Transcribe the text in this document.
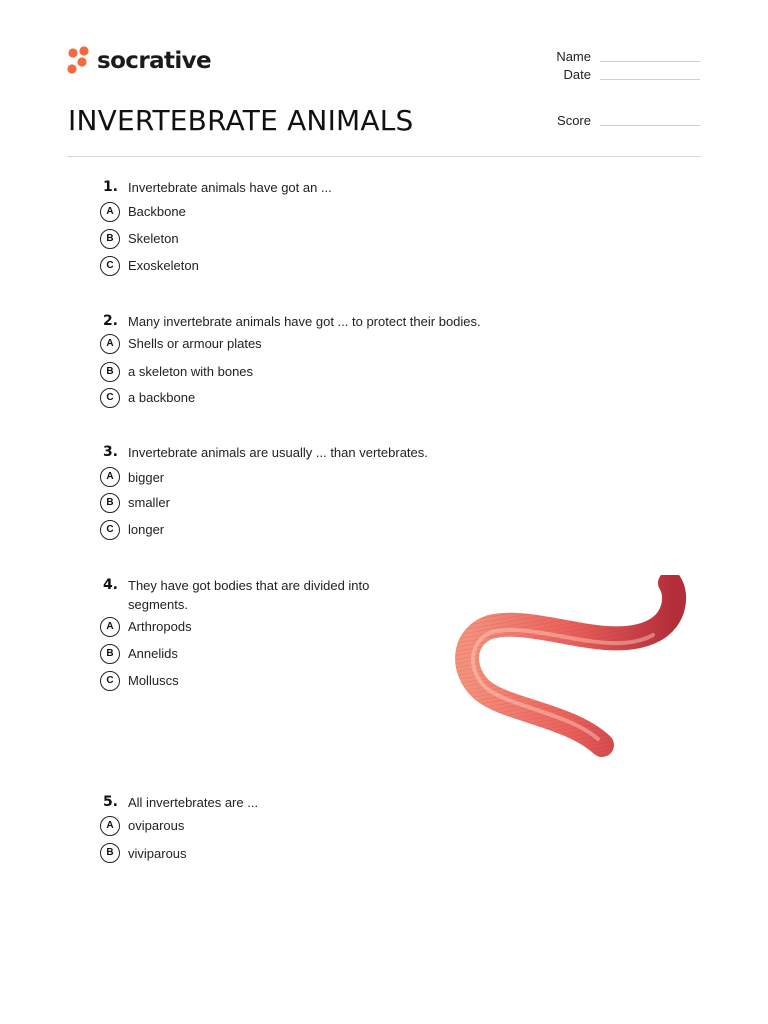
socrative
INVERTEBRATE ANIMALS
Name
Date
Score
1. Invertebrate animals have got an ...
A	Backbone
B	Skeleton
C	Exoskeleton
2. Many invertebrate animals have got ... to protect their bodies.
A	Shells or armour plates
B	a skeleton with bones
C	a backbone
3. Invertebrate animals are usually ... than vertebrates.
A	bigger
B	smaller
C	longer
4. They have got bodies that are divided into
segments.
A	Arthropods
B	Annelids
C	Molluscs
5. All invertebrates are ...
A	oviparous
B	viviparous
